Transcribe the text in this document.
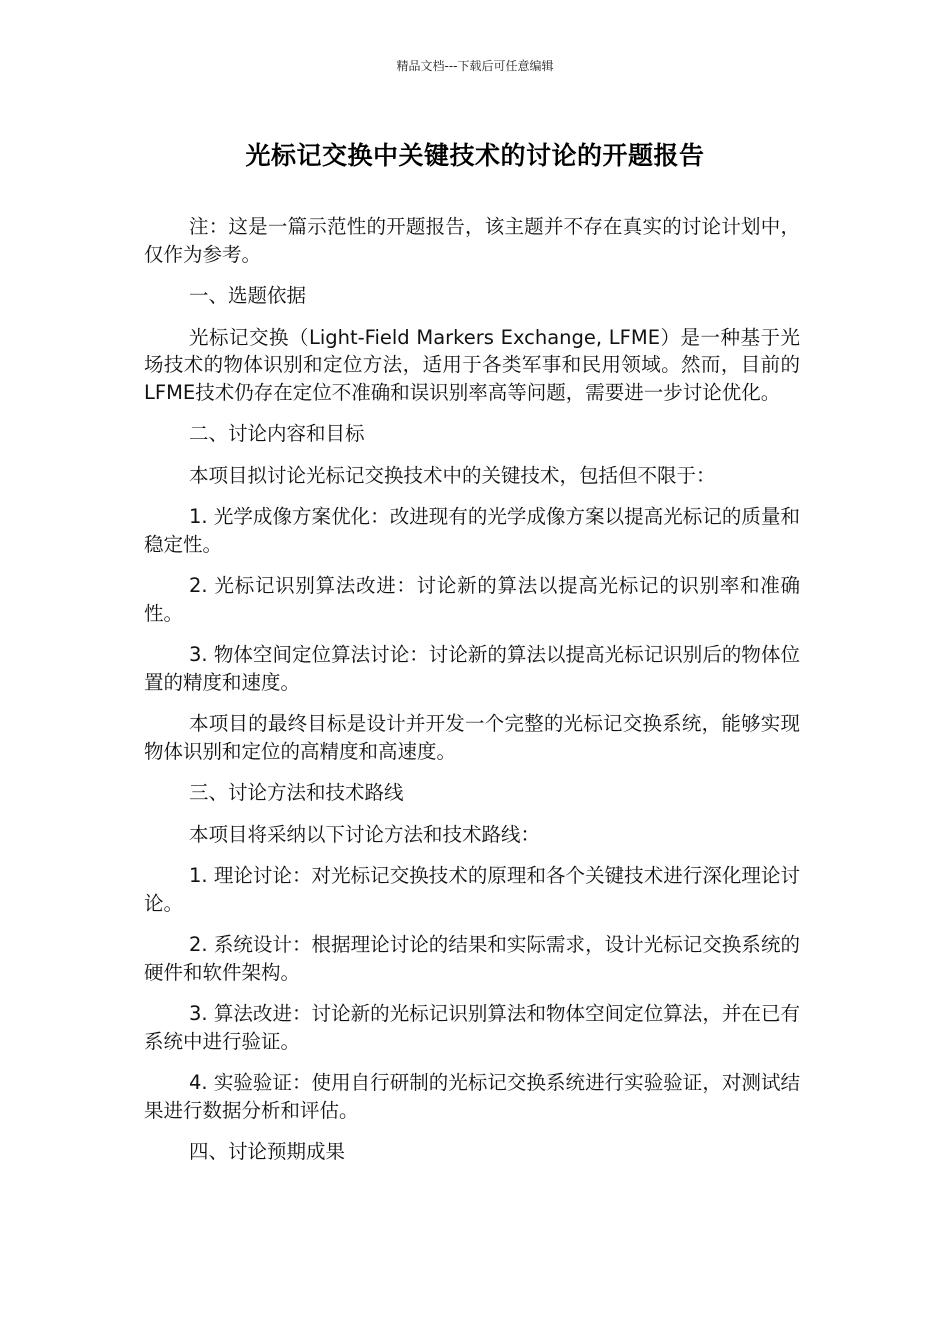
精品文档---下载后可任意编辑
光标记交换中关键技术的讨论的开题报告

注：这是一篇示范性的开题报告，该主题并不存在真实的讨论计划中，仅作为参考。

一、选题依据

光标记交换（Light-Field Markers Exchange, LFME）是一种基于光场技术的物体识别和定位方法，适用于各类军事和民用领域。然而，目前的LFME技术仍存在定位不准确和误识别率高等问题，需要进一步讨论优化。

二、讨论内容和目标

本项目拟讨论光标记交换技术中的关键技术，包括但不限于：

1. 光学成像方案优化：改进现有的光学成像方案以提高光标记的质量和稳定性。

2. 光标记识别算法改进：讨论新的算法以提高光标记的识别率和准确性。

3. 物体空间定位算法讨论：讨论新的算法以提高光标记识别后的物体位置的精度和速度。

本项目的最终目标是设计并开发一个完整的光标记交换系统，能够实现物体识别和定位的高精度和高速度。

三、讨论方法和技术路线

本项目将采纳以下讨论方法和技术路线：

1. 理论讨论：对光标记交换技术的原理和各个关键技术进行深化理论讨论。

2. 系统设计：根据理论讨论的结果和实际需求，设计光标记交换系统的硬件和软件架构。

3. 算法改进：讨论新的光标记识别算法和物体空间定位算法，并在已有系统中进行验证。

4. 实验验证：使用自行研制的光标记交换系统进行实验验证，对测试结果进行数据分析和评估。

四、讨论预期成果
